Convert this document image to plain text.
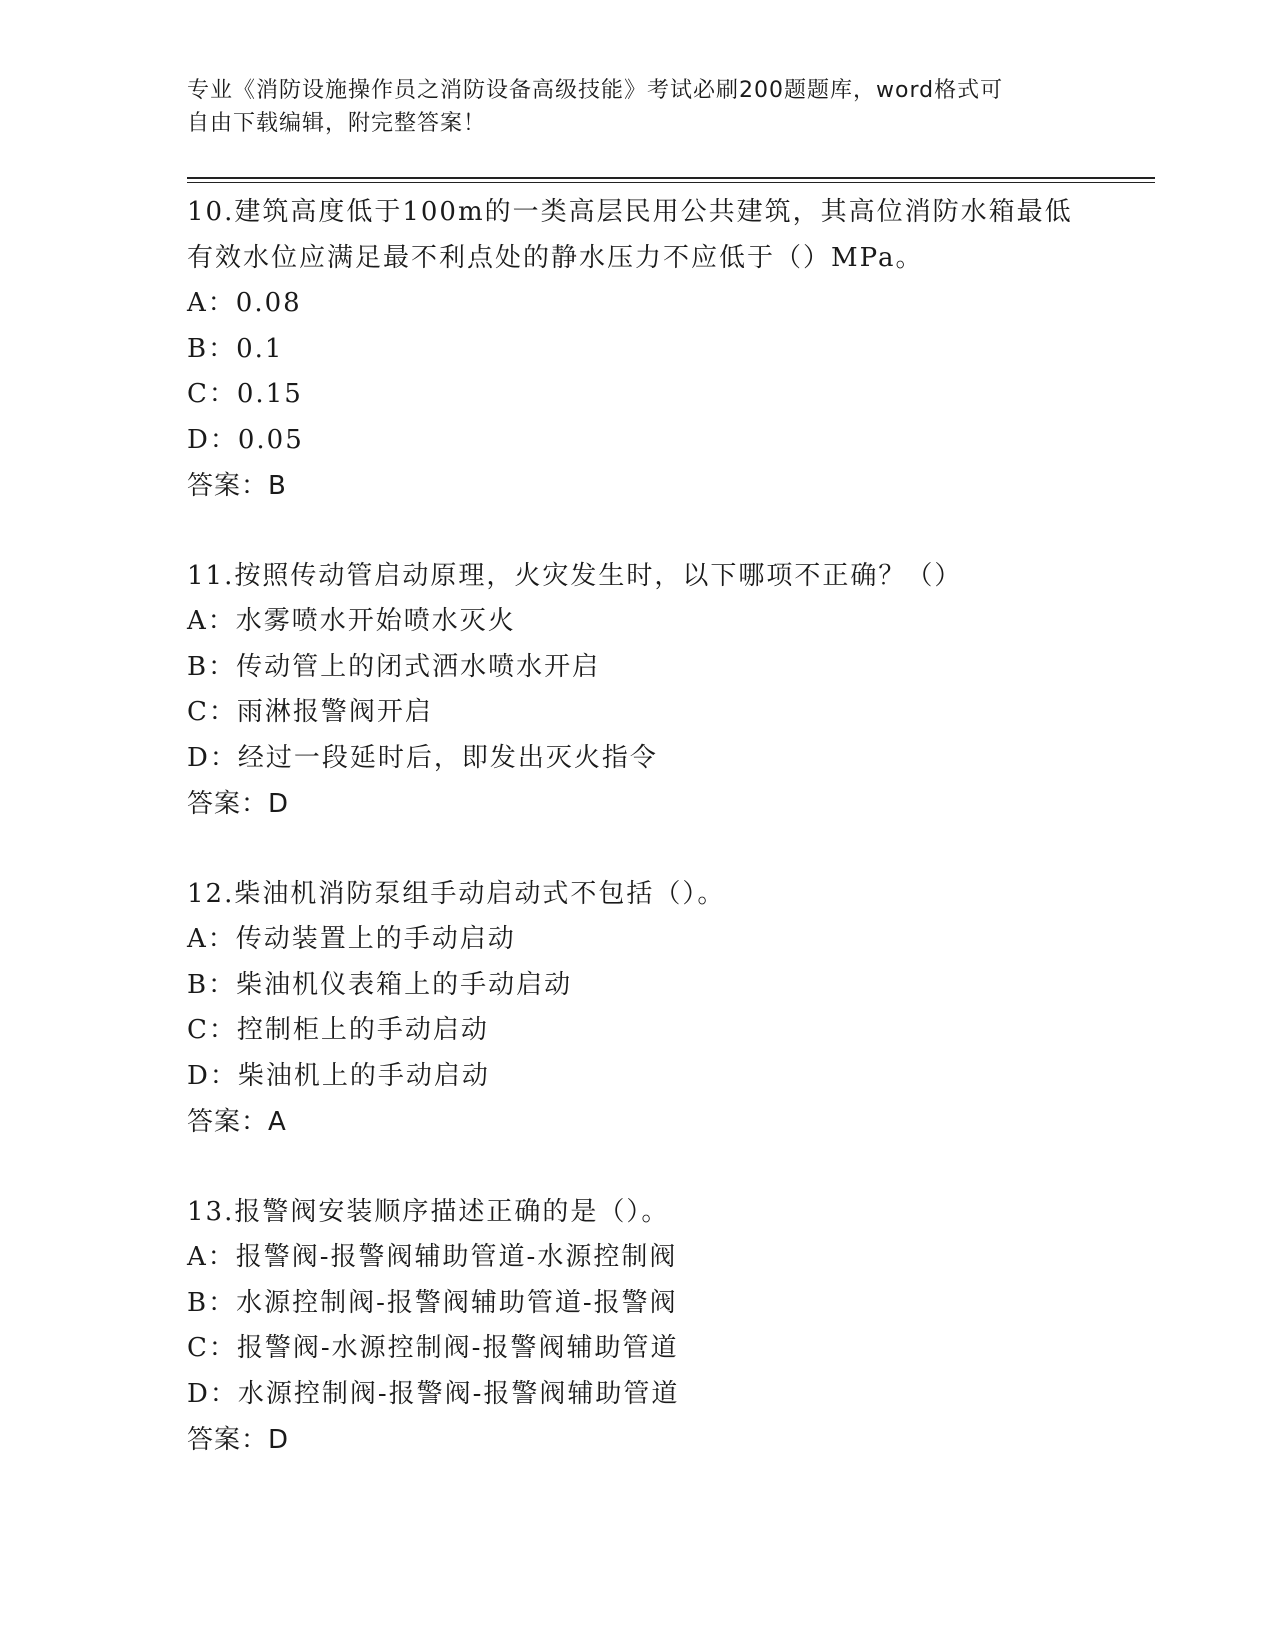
专业《消防设施操作员之消防设备高级技能》考试必刷200题题库，word格式可
自由下载编辑，附完整答案！
10.建筑高度低于100m的一类高层民用公共建筑，其高位消防水箱最低有效水位应满足最不利点处的静水压力不应低于（）MPa。
A：0.08
B：0.1
C：0.15
D：0.05
答案：B
11.按照传动管启动原理，火灾发生时，以下哪项不正确？（）
A：水雾喷水开始喷水灭火
B：传动管上的闭式洒水喷水开启
C：雨淋报警阀开启
D：经过一段延时后，即发出灭火指令
答案：D
12.柴油机消防泵组手动启动式不包括（）。
A：传动装置上的手动启动
B：柴油机仪表箱上的手动启动
C：控制柜上的手动启动
D：柴油机上的手动启动
答案：A
13.报警阀安装顺序描述正确的是（）。
A：报警阀-报警阀辅助管道-水源控制阀
B：水源控制阀-报警阀辅助管道-报警阀
C：报警阀-水源控制阀-报警阀辅助管道
D：水源控制阀-报警阀-报警阀辅助管道
答案：D
